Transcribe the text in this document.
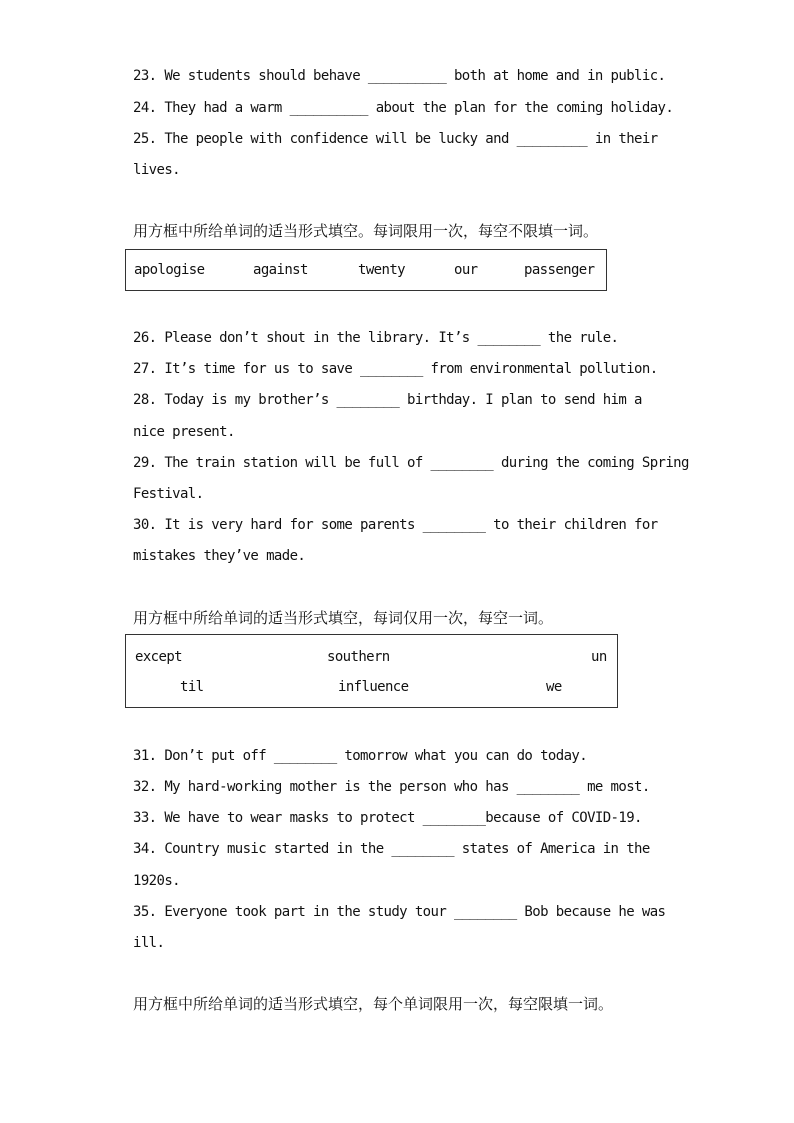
23. We students should behave __________ both at home and in public.
24. They had a warm __________ about the plan for the coming holiday.
25. The people with confidence will be lucky and _________ in their
lives.
用方框中所给单词的适当形式填空。每词限用一次，每空不限填一词。
apologise	against	twenty	our	passenger
26. Please don’t shout in the library. It’s ________ the rule.
27. It’s time for us to save ________ from environmental pollution.
28. Today is my brother’s ________ birthday. I plan to send him a
nice present.
29. The train station will be full of ________ during the coming Spring
Festival.
30. It is very hard for some parents ________ to their children for
mistakes they’ve made.
用方框中所给单词的适当形式填空，每词仅用一次，每空一词。
except	southern	un
til	influence	we
31. Don’t put off ________ tomorrow what you can do today.
32. My hard-working mother is the person who has ________ me most.
33. We have to wear masks to protect ________because of COVID-19.
34. Country music started in the ________ states of America in the
1920s.
35. Everyone took part in the study tour ________ Bob because he was
ill.
用方框中所给单词的适当形式填空，每个单词限用一次，每空限填一词。
